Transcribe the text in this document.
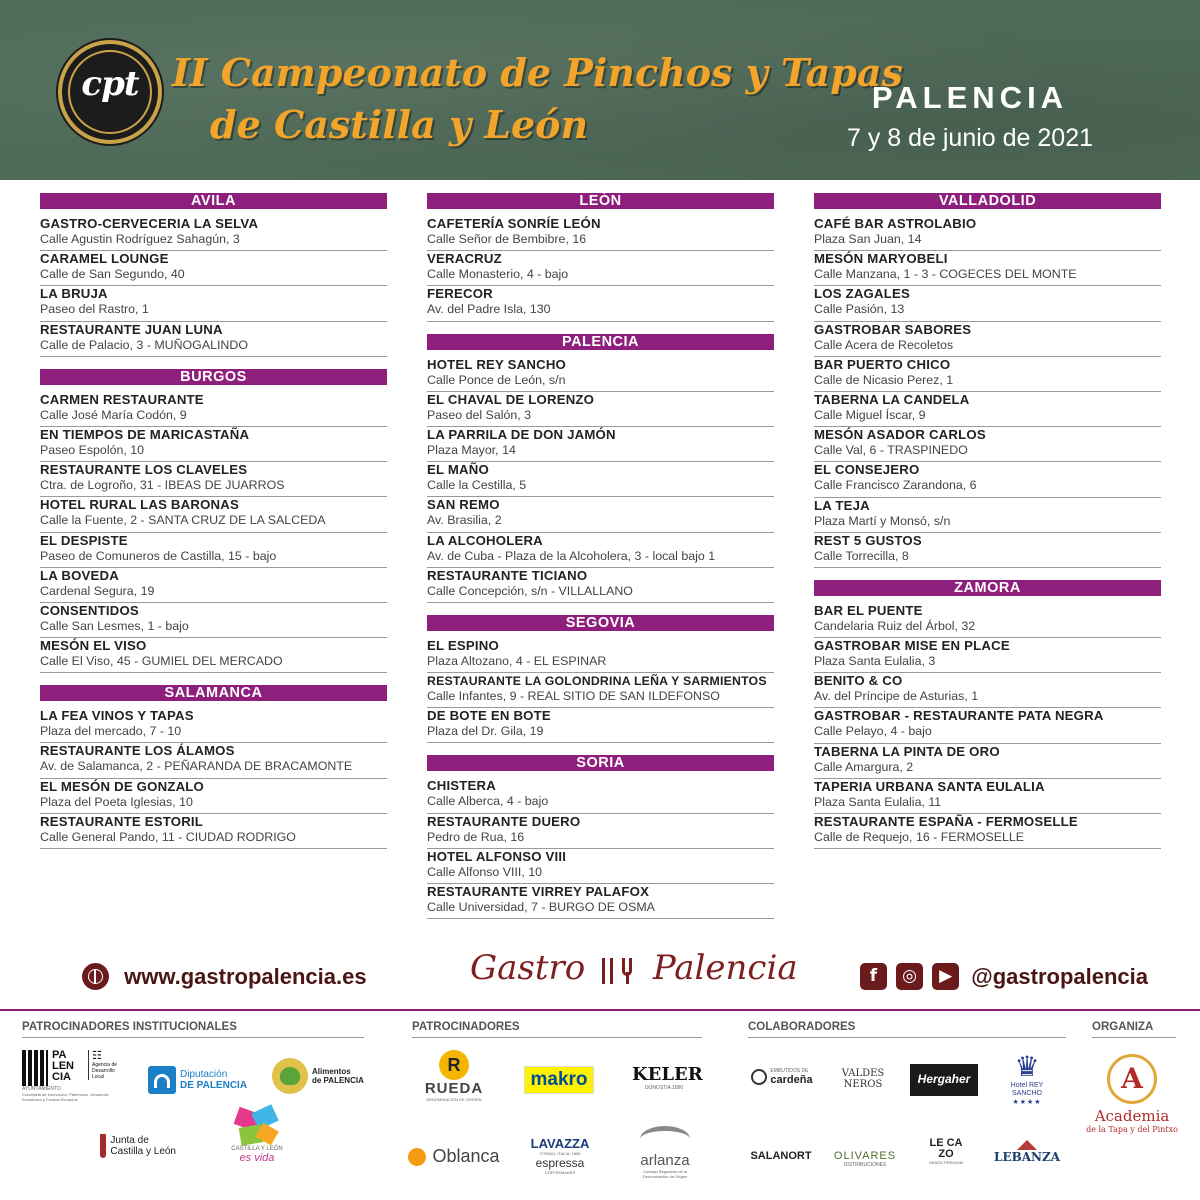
cpt II Campeonato de Pinchos y Tapas
de Castilla y León
PALENCIA
7 y 8 de junio de 2021
AVILA
GASTRO-CERVECERIA LA SELVA
Calle Agustin Rodríguez Sahagún, 3
CARAMEL LOUNGE
Calle de San Segundo, 40
LA BRUJA
Paseo del Rastro, 1
RESTAURANTE JUAN LUNA
Calle de Palacio, 3 - MUÑOGALINDO
BURGOS
CARMEN RESTAURANTE
Calle José María Codón, 9
EN TIEMPOS DE MARICASTAÑA
Paseo Espolón, 10
RESTAURANTE LOS CLAVELES
Ctra. de Logroño, 31 - IBEAS DE JUARROS
HOTEL RURAL LAS BARONAS
Calle la Fuente, 2 - SANTA CRUZ DE LA SALCEDA
EL DESPISTE
Paseo de Comuneros de Castilla, 15 - bajo
LA BOVEDA
Cardenal Segura, 19
CONSENTIDOS
Calle San Lesmes, 1 - bajo
MESÓN EL VISO
Calle El Viso, 45 - GUMIEL DEL MERCADO
SALAMANCA
LA FEA VINOS Y TAPAS
Plaza del mercado, 7 - 10
RESTAURANTE LOS ÁLAMOS
Av. de Salamanca, 2 - PEÑARANDA DE BRACAMONTE
EL MESÓN DE GONZALO
Plaza del Poeta Iglesias, 10
RESTAURANTE ESTORIL
Calle General Pando, 11 - CIUDAD RODRIGO
LEÓN
CAFETERÍA SONRÍE LEÓN
Calle Señor de Bembibre, 16
VERACRUZ
Calle Monasterio, 4 - bajo
FERECOR
Av. del Padre Isla, 130
PALENCIA
HOTEL REY SANCHO
Calle Ponce de León, s/n
EL CHAVAL DE LORENZO
Paseo del Salón, 3
LA PARRILA DE DON JAMÓN
Plaza Mayor, 14
EL MAÑO
Calle la Cestilla, 5
SAN REMO
Av. Brasilia, 2
LA ALCOHOLERA
Av. de Cuba - Plaza de la Alcoholera, 3 - local bajo 1
RESTAURANTE TICIANO
Calle Concepción, s/n - VILLALLANO
SEGOVIA
EL ESPINO
Plaza Altozano, 4 - EL ESPINAR
RESTAURANTE LA GOLONDRINA LEÑA Y SARMIENTOS
Calle Infantes, 9 - REAL SITIO DE SAN ILDEFONSO
DE BOTE EN BOTE
Plaza del Dr. Gila, 19
SORIA
CHISTERA
Calle Alberca, 4 - bajo
RESTAURANTE DUERO
Pedro de Rua, 16
HOTEL ALFONSO VIII
Calle Alfonso VIII, 10
RESTAURANTE VIRREY PALAFOX
Calle Universidad, 7 - BURGO DE OSMA
VALLADOLID
CAFÉ BAR ASTROLABIO
Plaza San Juan, 14
MESÓN MARYOBELI
Calle Manzana, 1 - 3 - COGECES DEL MONTE
LOS ZAGALES
Calle Pasión, 13
GASTROBAR SABORES
Calle Acera de Recoletos
BAR PUERTO CHICO
Calle de Nicasio Perez, 1
TABERNA LA CANDELA
Calle Miguel Íscar, 9
MESÓN ASADOR CARLOS
Calle Val, 6 - TRASPINEDO
EL CONSEJERO
Calle Francisco Zarandona, 6
LA TEJA
Plaza Martí y Monsó, s/n
REST 5 GUSTOS
Calle Torrecilla, 8
ZAMORA
BAR EL PUENTE
Candelaria Ruiz del Árbol, 32
GASTROBAR MISE EN PLACE
Plaza Santa Eulalia, 3
BENITO & CO
Av. del Príncipe de Asturias, 1
GASTROBAR - RESTAURANTE PATA NEGRA
Calle Pelayo, 4 - bajo
TABERNA LA PINTA DE ORO
Calle Amargura, 2
TAPERIA URBANA SANTA EULALIA
Plaza Santa Eulalia, 11
RESTAURANTE ESPAÑA - FERMOSELLE
Calle de Requejo, 16 - FERMOSELLE
www.gastropalencia.es	Gastro Palencia	f ◎ ▶ @gastropalencia
PATROCINADORES INSTITUCIONALES	PATROCINADORES	COLABORADORES	ORGANIZA
PA LEN CIA
☷
Agencia de Desarrollo Local
AYUNTAMIENTO
Concejalía de Innovación, Patrimonio, Desarrollo Económico y Fondos Europeos
Diputación
DE PALENCIA
Alimentos
de PALENCIA
Junta de
Castilla y León	CASTILLA Y LEÓN
es vida
R
RUEDA
DENOMINACIÓN DE ORIGEN
makro	KELER
DONOSTIA 1890
Oblanca
LAVAZZA
TORINO, ITALIA, 1895
espressa
COFFEEMAKER
arlanza
Consejo Regulador de la Denominación de Origen
EMBUTIDOS DE
cardeña
VALDES NEROS	Hergaher	♛
Hotel REY SANCHO
★★★★
SALANORT OLIVARES
DISTRIBUCIONES
LE CA ZO
ASADO PREMIUM	LEBANZA
A
Academia
de la Tapa y del Pintxo
